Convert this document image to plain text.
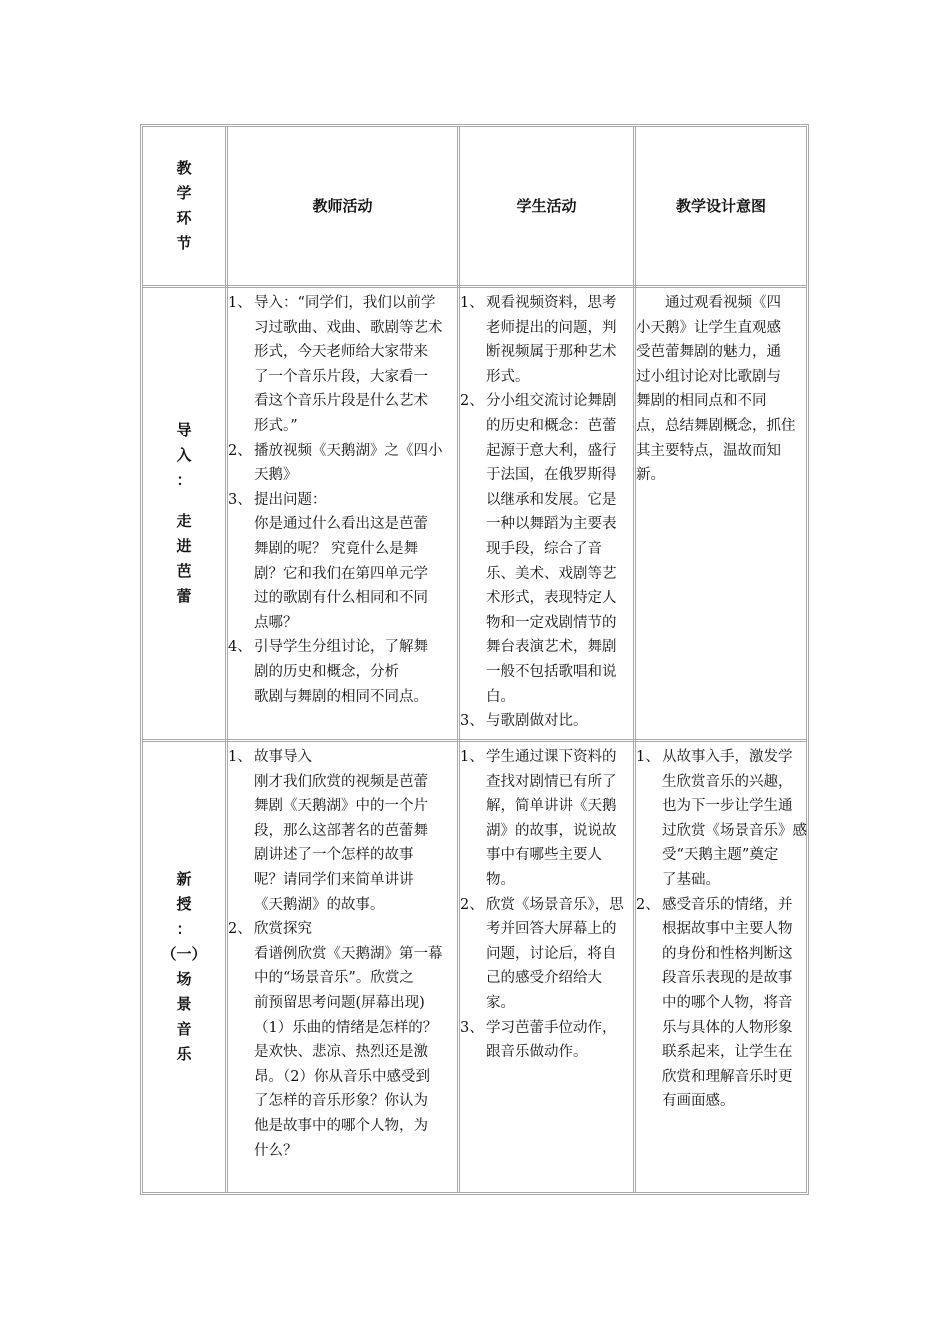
教
学
环
节
教师活动	学生活动	教学设计意图
导
入
：
走
进
芭
蕾
1、 导入：“同学们，我们以前学
习过歌曲、戏曲、歌剧等艺术
形式，今天老师给大家带来
了一个音乐片段，大家看一
看这个音乐片段是什么艺术
形式。”
2、 播放视频《天鹅湖》之《四小
天鹅》
3、 提出问题：
你是通过什么看出这是芭蕾
舞剧的呢？ 究竟什么是舞
剧？它和我们在第四单元学
过的歌剧有什么相同和不同
点哪？
4、 引导学生分组讨论，了解舞
剧的历史和概念，分析
歌剧与舞剧的相同不同点。
1、 观看视频资料，思考
老师提出的问题，判
断视频属于那种艺术
形式。
2、 分小组交流讨论舞剧
的历史和概念：芭蕾
起源于意大利，盛行
于法国，在俄罗斯得
以继承和发展。它是
一种以舞蹈为主要表
现手段，综合了音
乐、美术、戏剧等艺
术形式，表现特定人
物和一定戏剧情节的
舞台表演艺术，舞剧
一般不包括歌唱和说
白。
3、 与歌剧做对比。
　　通过观看视频《四
小天鹅》让学生直观感
受芭蕾舞剧的魅力，通
过小组讨论对比歌剧与
舞剧的相同点和不同
点，总结舞剧概念，抓住
其主要特点，温故而知
新。
新
授
：
（一）
场
景
音
乐
1、 故事导入
刚才我们欣赏的视频是芭蕾
舞剧《天鹅湖》中的一个片
段，那么这部著名的芭蕾舞
剧讲述了一个怎样的故事
呢？请同学们来简单讲讲
《天鹅湖》的故事。
2、 欣赏探究
看谱例欣赏《天鹅湖》第一幕
中的“场景音乐”。欣赏之
前预留思考问题(屏幕出现)
（1）乐曲的情绪是怎样的？
是欢快、悲凉、热烈还是激
昂。（2）你从音乐中感受到
了怎样的音乐形象？你认为
他是故事中的哪个人物，为
什么？
1、 学生通过课下资料的
查找对剧情已有所了
解，简单讲讲《天鹅
湖》的故事，说说故
事中有哪些主要人
物。
2、 欣赏《场景音乐》，思
考并回答大屏幕上的
问题，讨论后，将自
己的感受介绍给大
家。
3、 学习芭蕾手位动作，
跟音乐做动作。
1、 从故事入手，激发学
生欣赏音乐的兴趣，
也为下一步让学生通
过欣赏《场景音乐》感
受“天鹅主题”奠定
了基础。
2、 感受音乐的情绪，并
根据故事中主要人物
的身份和性格判断这
段音乐表现的是故事
中的哪个人物，将音
乐与具体的人物形象
联系起来，让学生在
欣赏和理解音乐时更
有画面感。
